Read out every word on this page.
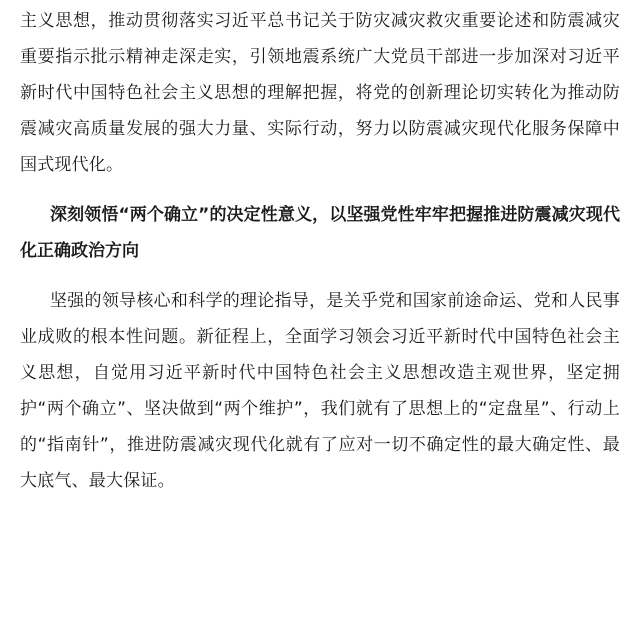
主义思想，推动贯彻落实习近平总书记关于防灾减灾救灾重要论述和防震减灾重要指示批示精神走深走实，引领地震系统广大党员干部进一步加深对习近平新时代中国特色社会主义思想的理解把握，将党的创新理论切实转化为推动防震减灾高质量发展的强大力量、实际行动，努力以防震减灾现代化服务保障中国式现代化。

深刻领悟“两个确立”的决定性意义，以坚强党性牢牢把握推进防震减灾现代化正确政治方向

坚强的领导核心和科学的理论指导，是关乎党和国家前途命运、党和人民事业成败的根本性问题。新征程上，全面学习领会习近平新时代中国特色社会主义思想，自觉用习近平新时代中国特色社会主义思想改造主观世界，坚定拥护“两个确立”、坚决做到“两个维护”，我们就有了思想上的“定盘星”、行动上的“指南针”，推进防震减灾现代化就有了应对一切不确定性的最大确定性、最大底气、最大保证。
